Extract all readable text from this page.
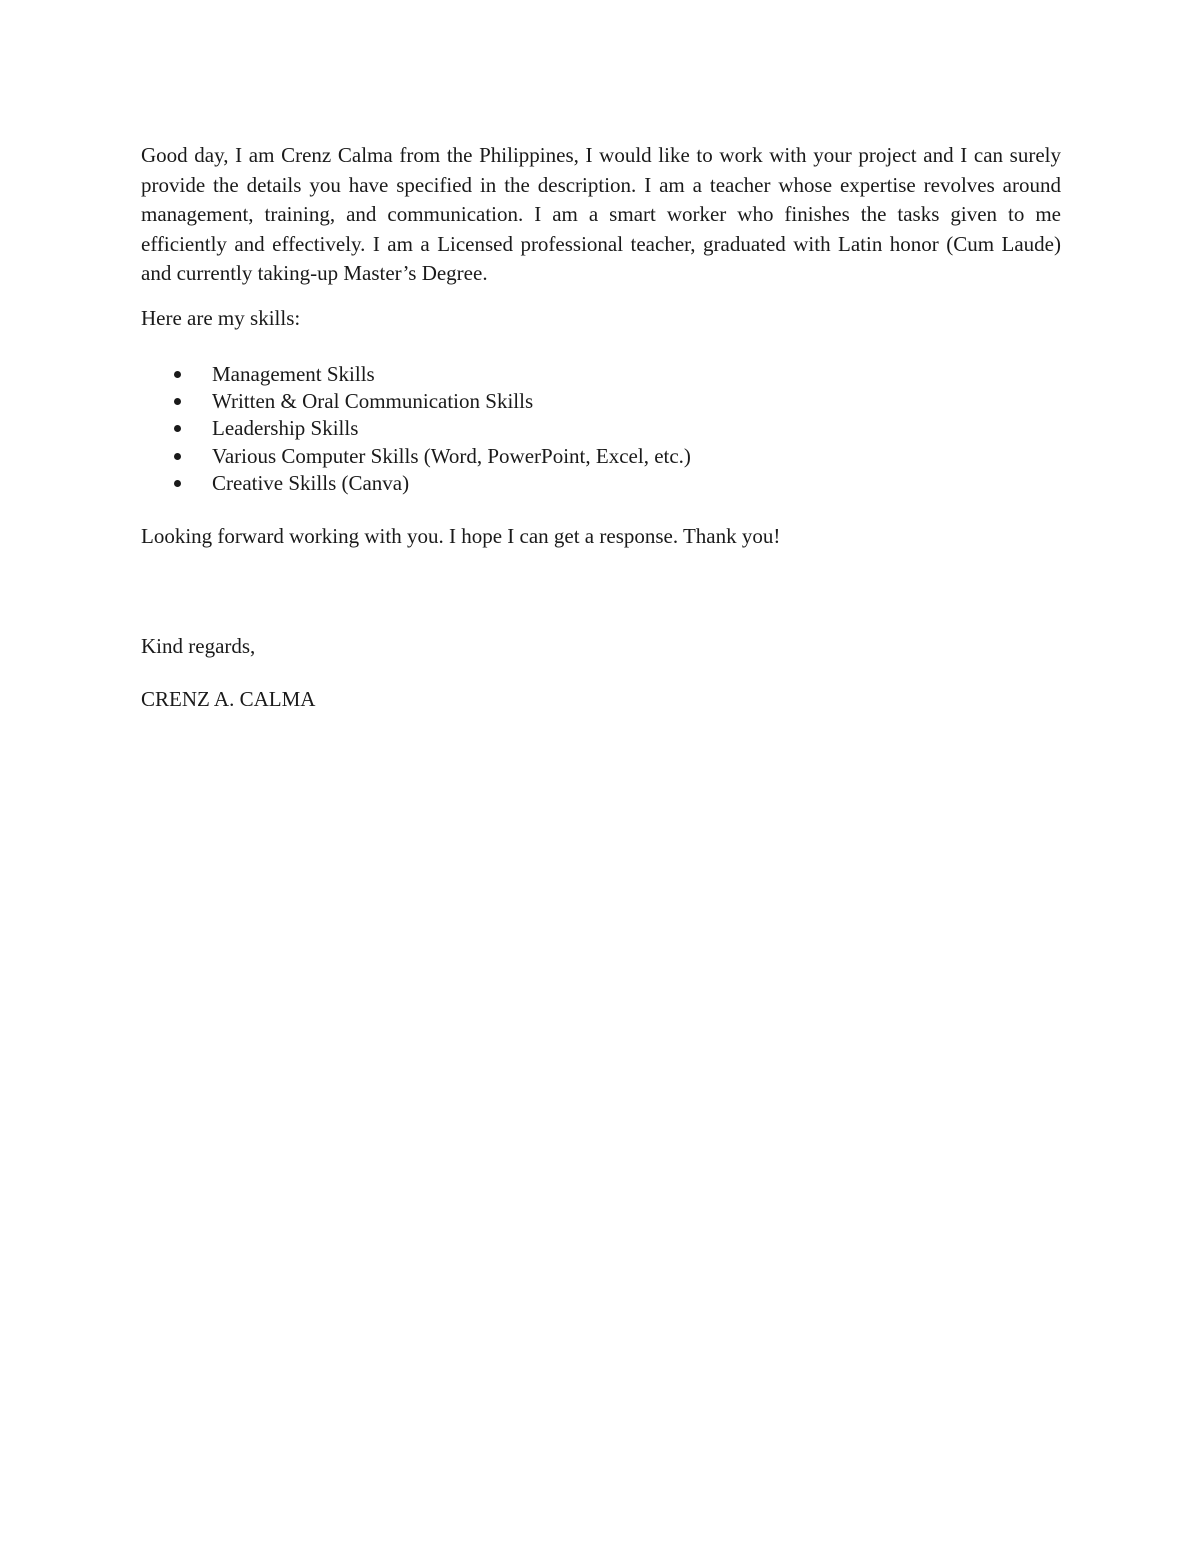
Good day, I am Crenz Calma from the Philippines, I would like to work with your project and I can surely provide the details you have specified in the description. I am a teacher whose expertise revolves around management, training, and communication. I am a smart worker who finishes the tasks given to me efficiently and effectively. I am a Licensed professional teacher, graduated with Latin honor (Cum Laude) and currently taking-up Master’s Degree.

Here are my skills:

Management Skills
Written & Oral Communication Skills
Leadership Skills
Various Computer Skills (Word, PowerPoint, Excel, etc.)
Creative Skills (Canva)

Looking forward working with you. I hope I can get a response. Thank you!

Kind regards,

CRENZ A. CALMA
